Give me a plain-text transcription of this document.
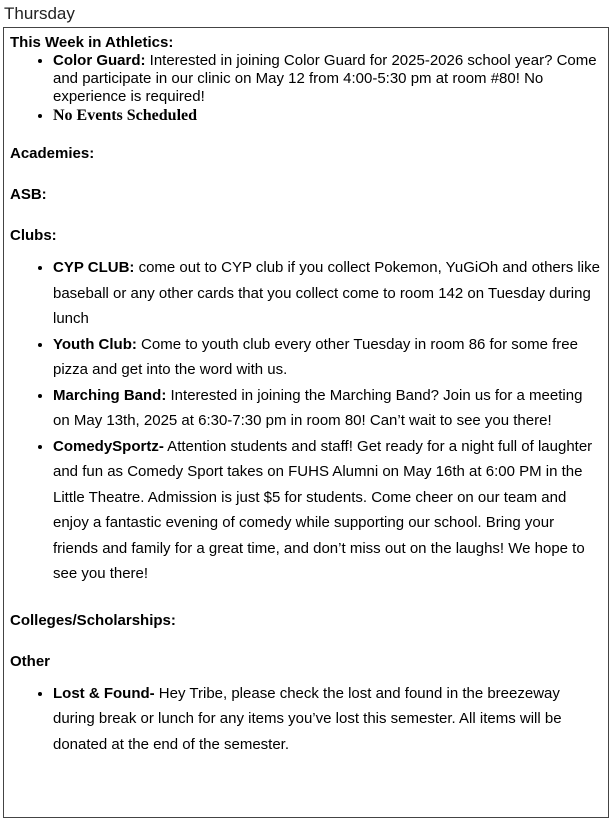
Thursday

This Week in Athletics:

• Color Guard: Interested in joining Color Guard for 2025-2026 school year? Come and participate in our clinic on May 12 from 4:00-5:30 pm at room #80! No experience is required!
• No Events Scheduled

Academies:

ASB:

Clubs:

• CYP CLUB: come out to CYP club if you collect Pokemon, YuGiOh and others like baseball or any other cards that you collect come to room 142 on Tuesday during lunch
• Youth Club: Come to youth club every other Tuesday in room 86 for some free pizza and get into the word with us.
• Marching Band: Interested in joining the Marching Band? Join us for a meeting on May 13th, 2025 at 6:30-7:30 pm in room 80! Can’t wait to see you there!
• ComedySportz- Attention students and staff! Get ready for a night full of laughter and fun as Comedy Sport takes on FUHS Alumni on May 16th at 6:00 PM in the Little Theatre. Admission is just $5 for students. Come cheer on our team and enjoy a fantastic evening of comedy while supporting our school. Bring your friends and family for a great time, and don’t miss out on the laughs! We hope to see you there!

Colleges/Scholarships:

Other

• Lost & Found- Hey Tribe, please check the lost and found in the breezeway during break or lunch for any items you’ve lost this semester. All items will be donated at the end of the semester.
